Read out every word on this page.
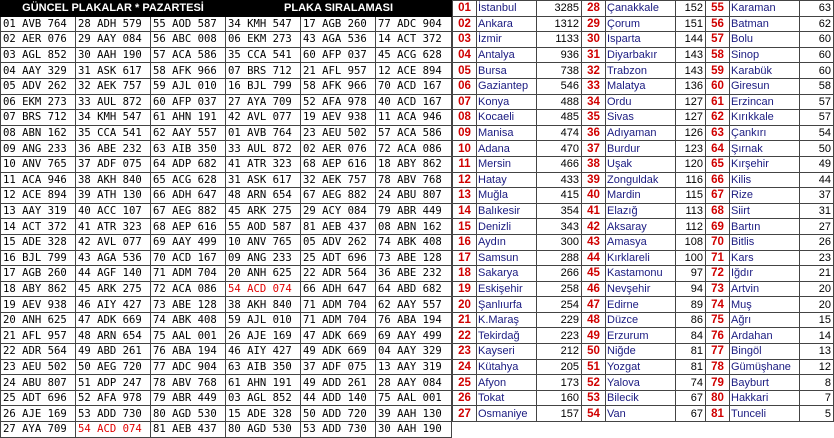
GÜNCEL PLAKALAR * PAZARTESİ			PLAKA SIRALAMASI		
01 AVB 764	28 ADH 579	55 AOD 587	34 KMH 547	17 AGB 260	77 ADC 904
02 AER 076	29 AAY 084	56 ABC 008	06 EKM 273	43 AGA 536	14 ACT 372
03 AGL 852	30 AAH 190	57 ACA 586	35 CCA 541	60 AFP 037	45 ACG 628
04 AAY 329	31 ASK 617	58 AFK 966	07 BRS 712	21 AFL 957	12 ACE 894
05 ADV 262	32 AEK 757	59 AJL 010	16 BJL 799	58 AFK 966	70 ACD 167
06 EKM 273	33 AUL 872	60 AFP 037	27 AYA 709	52 AFA 978	40 ACD 167
07 BRS 712	34 KMH 547	61 AHN 191	42 AVL 077	19 AEV 938	11 ACA 946
08 ABN 162	35 CCA 541	62 AAY 557	01 AVB 764	23 AEU 502	57 ACA 586
09 ANG 233	36 ABE 232	63 AIB 350	33 AUL 872	02 AER 076	72 ACA 086
10 ANV 765	37 ADF 075	64 ADP 682	41 ATR 323	68 AEP 616	18 ABY 862
11 ACA 946	38 AKH 840	65 ACG 628	31 ASK 617	32 AEK 757	78 ABV 768
12 ACE 894	39 ATH 130	66 ADH 647	48 ARN 654	67 AEG 882	24 ABU 807
13 AAY 319	40 ACC 107	67 AEG 882	45 ARK 275	29 ACY 084	79 ABR 449
14 ACT 372	41 ATR 323	68 AEP 616	55 AOD 587	81 AEB 437	08 ABN 162
15 ADE 328	42 AVL 077	69 AAY 499	10 ANV 765	05 ADV 262	74 ABK 408
16 BJL 799	43 AGA 536	70 ACD 167	09 ANG 233	25 ADT 696	73 ABE 128
17 AGB 260	44 AGF 140	71 ADM 704	20 ANH 625	22 ADR 564	36 ABE 232
18 ABY 862	45 ARK 275	72 ACA 086	54 ACD 074	66 ADH 647	64 ABD 682
19 AEV 938	46 AIY 427	73 ABE 128	38 AKH 840	71 ADM 704	62 AAY 557
20 ANH 625	47 ADK 669	74 ABK 408	59 AJL 010	71 ADM 704	76 ABA 194
21 AFL 957	48 ARN 654	75 AAL 001	26 AJE 169	47 ADK 669	69 AAY 499
22 ADR 564	49 ABD 261	76 ABA 194	46 AIY 427	49 ADK 669	04 AAY 329
23 AEU 502	50 AEG 720	77 ADC 904	63 AIB 350	37 ADF 075	13 AAY 319
24 ABU 807	51 ADP 247	78 ABV 768	61 AHN 191	49 ADD 261	28 AAY 084
25 ADT 696	52 AFA 978	79 ABR 449	03 AGL 852	44 ADD 140	75 AAL 001
26 AJE 169	53 ADD 730	80 AGD 530	15 ADE 328	50 ADD 720	39 AAH 130
27 AYA 709	54 ACD 074	81 AEB 437	80 AGD 530	53 ADD 730	30 AAH 190
01	İstanbul	3285	28	Çanakkale	152	55	Karaman	63
02	Ankara	1312	29	Çorum	151	56	Batman	62
03	İzmir	1133	30	Isparta	144	57	Bolu	60
04	Antalya	936	31	Diyarbakır	143	58	Sinop	60
05	Bursa	738	32	Trabzon	143	59	Karabük	60
06	Gaziantep	546	33	Malatya	136	60	Giresun	58
07	Konya	488	34	Ordu	127	61	Erzincan	57
08	Kocaeli	485	35	Sivas	127	62	Kırıkkale	57
09	Manisa	474	36	Adıyaman	126	63	Çankırı	54
10	Adana	470	37	Burdur	123	64	Şırnak	50
11	Mersin	466	38	Uşak	120	65	Kırşehir	49
12	Hatay	433	39	Zonguldak	116	66	Kilis	44
13	Muğla	415	40	Mardin	115	67	Rize	37
14	Balıkesir	354	41	Elazığ	113	68	Siirt	31
15	Denizli	343	42	Aksaray	112	69	Bartın	27
16	Aydın	300	43	Amasya	108	70	Bitlis	26
17	Samsun	288	44	Kırklareli	100	71	Kars	23
18	Sakarya	266	45	Kastamonu	97	72	Iğdır	21
19	Eskişehir	258	46	Nevşehir	94	73	Artvin	20
20	Şanlıurfa	254	47	Edirne	89	74	Muş	20
21	K.Maraş	229	48	Düzce	86	75	Ağrı	15
22	Tekirdağ	223	49	Erzurum	84	76	Ardahan	14
23	Kayseri	212	50	Niğde	81	77	Bingöl	13
24	Kütahya	205	51	Yozgat	81	78	Gümüşhane	12
25	Afyon	173	52	Yalova	74	79	Bayburt	8
26	Tokat	160	53	Bilecik	67	80	Hakkari	7
27	Osmaniye	157	54	Van	67	81	Tunceli	5
